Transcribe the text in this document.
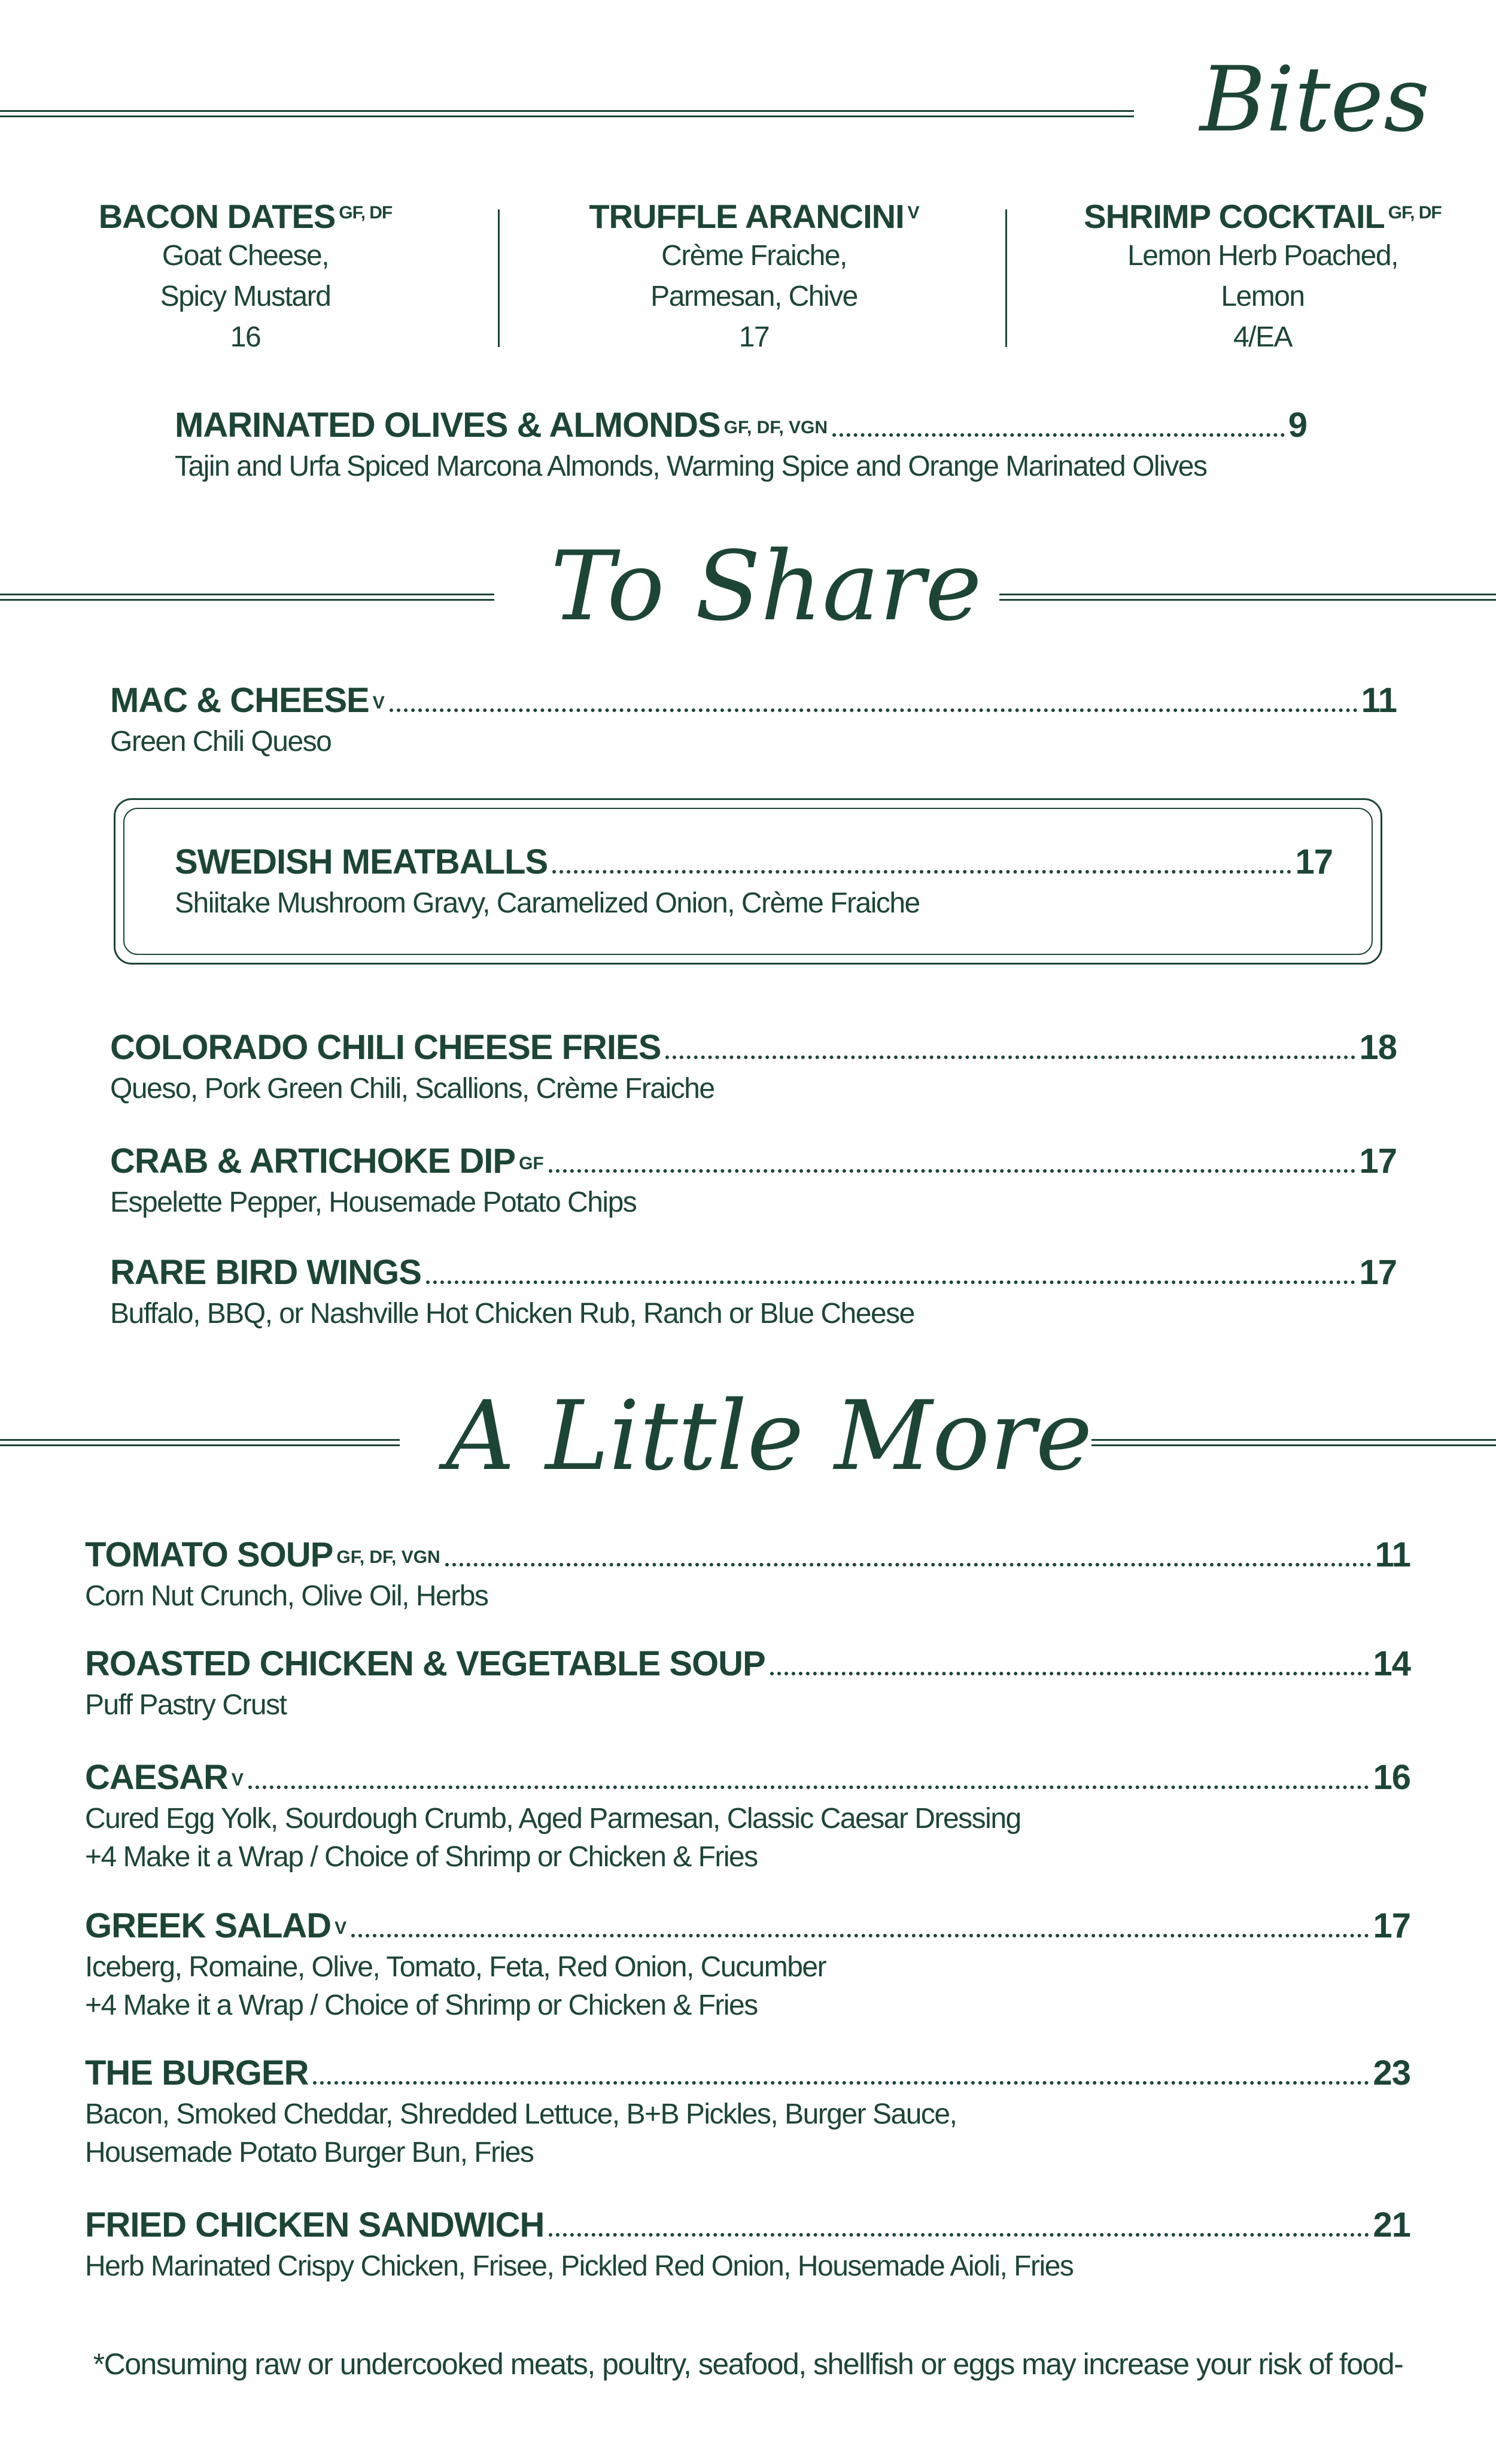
Bites
BACON DATES $^{GF, DF}$
Goat Cheese,
Spicy Mustard
16
TRUFFLE ARANCINI $^V$
Crème Fraiche,
Parmesan, Chive
17
SHRIMP COCKTAIL $^{GF, DF}$
Lemon Herb Poached,
Lemon
4/EA
MARINATED OLIVES & ALMONDS GF, DF, VGN	9
Tajin and Urfa Spiced Marcona Almonds, Warming Spice and Orange Marinated Olives
To Share
MAC & CHEESE V	11
Green Chili Queso
SWEDISH MEATBALLS	17
Shiitake Mushroom Gravy, Caramelized Onion, Crème Fraiche
COLORADO CHILI CHEESE FRIES	18
Queso, Pork Green Chili, Scallions, Crème Fraiche
CRAB & ARTICHOKE DIP GF	17
Espelette Pepper, Housemade Potato Chips
RARE BIRD WINGS	17
Buffalo, BBQ, or Nashville Hot Chicken Rub, Ranch or Blue Cheese
A Little More
TOMATO SOUP GF, DF, VGN	11
Corn Nut Crunch, Olive Oil, Herbs
ROASTED CHICKEN & VEGETABLE SOUP	14
Puff Pastry Crust
CAESAR V	16
Cured Egg Yolk, Sourdough Crumb, Aged Parmesan, Classic Caesar Dressing
+4 Make it a Wrap / Choice of Shrimp or Chicken & Fries
GREEK SALAD V	17
Iceberg, Romaine, Olive, Tomato, Feta, Red Onion, Cucumber
+4 Make it a Wrap / Choice of Shrimp or Chicken & Fries
THE BURGER	23
Bacon, Smoked Cheddar, Shredded Lettuce, B+B Pickles, Burger Sauce,
Housemade Potato Burger Bun, Fries
FRIED CHICKEN SANDWICH	21
Herb Marinated Crispy Chicken, Frisee, Pickled Red Onion, Housemade Aioli, Fries
*Consuming raw or undercooked meats, poultry, seafood, shellfish or eggs may increase your risk of food-
